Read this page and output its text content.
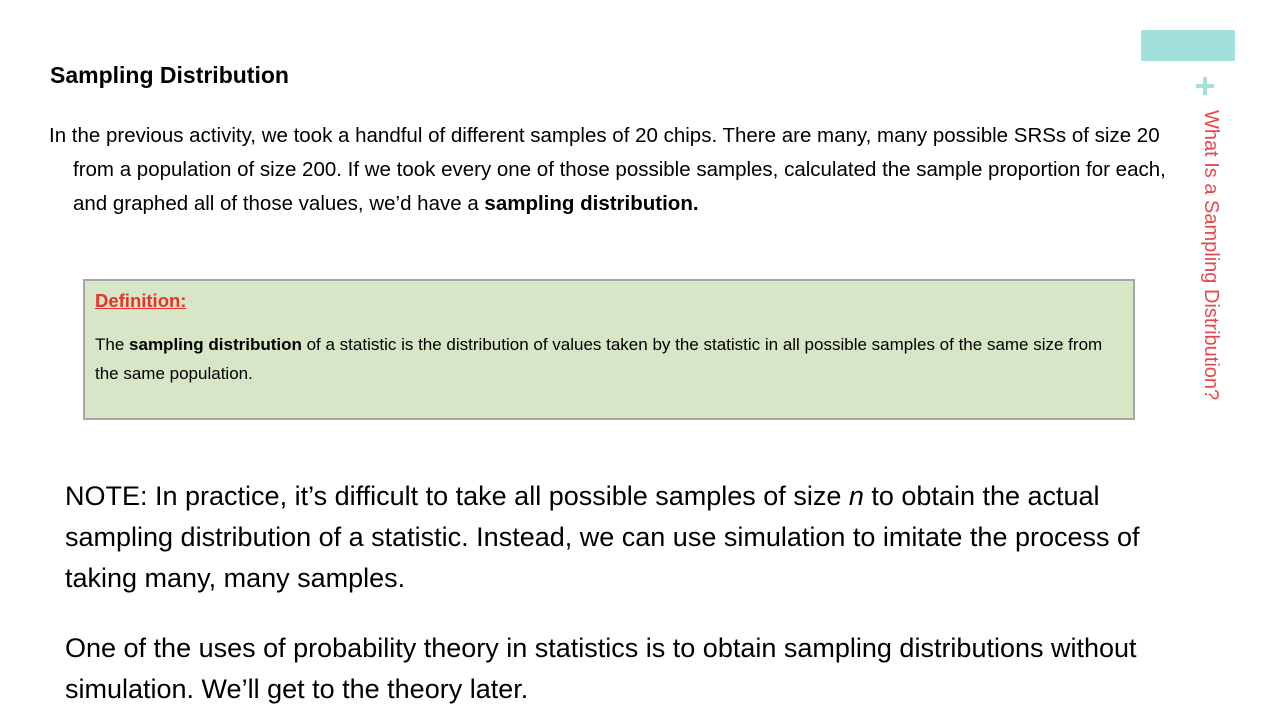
What Is a Sampling Distribution?
Sampling Distribution

In the previous activity, we took a handful of different samples of 20 chips. There are many, many possible SRSs of size 20 from a population of size 200. If we took every one of those possible samples, calculated the sample proportion for each, and graphed all of those values, we’d have a sampling distribution.

Definition:

The sampling distribution of a statistic is the distribution of values taken by the statistic in all possible samples of the same size from the same population.

NOTE: In practice, it’s difficult to take all possible samples of size n to obtain the actual sampling distribution of a statistic. Instead, we can use simulation to imitate the process of taking many, many samples.

One of the uses of probability theory in statistics is to obtain sampling distributions without simulation. We’ll get to the theory later.
